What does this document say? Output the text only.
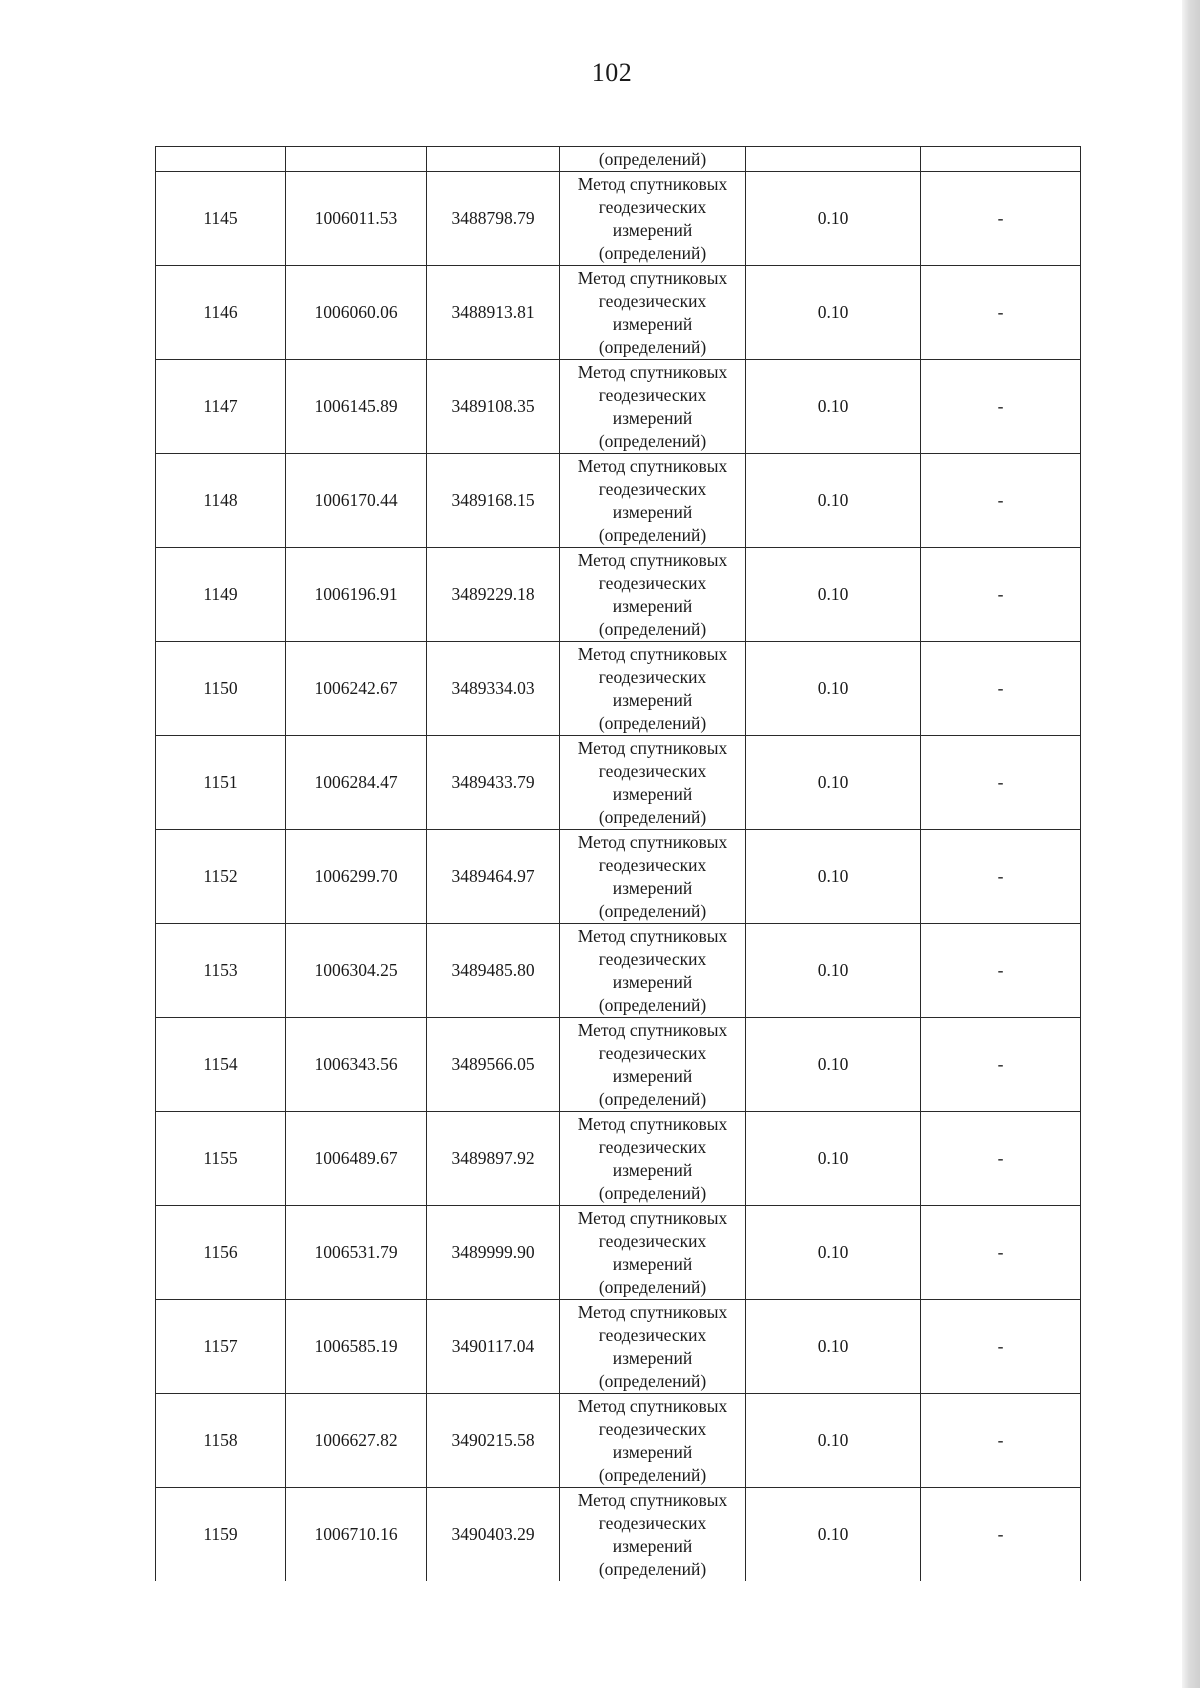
102
			(определений)		
1145	1006011.53	3488798.79	Метод спутниковых
геодезических
измерений
(определений)	0.10	-
1146	1006060.06	3488913.81	Метод спутниковых
геодезических
измерений
(определений)	0.10	-
1147	1006145.89	3489108.35	Метод спутниковых
геодезических
измерений
(определений)	0.10	-
1148	1006170.44	3489168.15	Метод спутниковых
геодезических
измерений
(определений)	0.10	-
1149	1006196.91	3489229.18	Метод спутниковых
геодезических
измерений
(определений)	0.10	-
1150	1006242.67	3489334.03	Метод спутниковых
геодезических
измерений
(определений)	0.10	-
1151	1006284.47	3489433.79	Метод спутниковых
геодезических
измерений
(определений)	0.10	-
1152	1006299.70	3489464.97	Метод спутниковых
геодезических
измерений
(определений)	0.10	-
1153	1006304.25	3489485.80	Метод спутниковых
геодезических
измерений
(определений)	0.10	-
1154	1006343.56	3489566.05	Метод спутниковых
геодезических
измерений
(определений)	0.10	-
1155	1006489.67	3489897.92	Метод спутниковых
геодезических
измерений
(определений)	0.10	-
1156	1006531.79	3489999.90	Метод спутниковых
геодезических
измерений
(определений)	0.10	-
1157	1006585.19	3490117.04	Метод спутниковых
геодезических
измерений
(определений)	0.10	-
1158	1006627.82	3490215.58	Метод спутниковых
геодезических
измерений
(определений)	0.10	-
1159	1006710.16	3490403.29	Метод спутниковых
геодезических
измерений
(определений)	0.10	-
